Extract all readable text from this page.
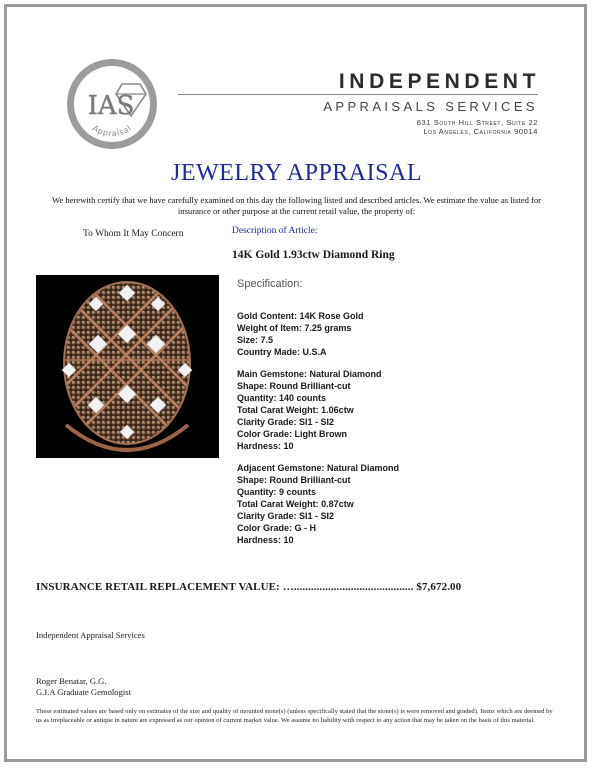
IAS
Appraisal
INDEPENDENT
APPRAISALS SERVICES
631 South Hill Street, Suite 22
Los Angeles, California 90014
JEWELRY APPRAISAL
We herewith certify that we have carefully examined on this day the following listed and described articles. We estimate the value as listed for insurance or other purpose at the current retail value, the property of:
To Whom It May Concern	Description of Article:
14K Gold 1.93ctw Diamond Ring
Specification:
Gold Content: 14K Rose Gold
Weight of Item: 7.25 grams
Size: 7.5
Country Made: U.S.A
Main Gemstone: Natural Diamond
Shape: Round Brilliant-cut
Quantity: 140 counts
Total Carat Weight: 1.06ctw
Clarity Grade: SI1 - SI2
Color Grade: Light Brown
Hardness: 10
Adjacent Gemstone: Natural Diamond
Shape: Round Brilliant-cut
Quantity: 9 counts
Total Carat Weight: 0.87ctw
Clarity Grade: SI1 - SI2
Color Grade: G - H
Hardness: 10
INSURANCE RETAIL REPLACEMENT VALUE: ….......................................... $7,672.00
Independent Appraisal Services
Roger Benatar, G.G.
G.I.A Graduate Gemologist
These estimated values are based only on estimates of the size and quality of mounted stone(s) (unless specifically stated that the stone(s) is were removed and graded). Items which are deemed by us as irreplaceable or antique in nature are expressed as our opinion of current market value. We assume no liability with respect to any action that may be taken on the basis of this material.
